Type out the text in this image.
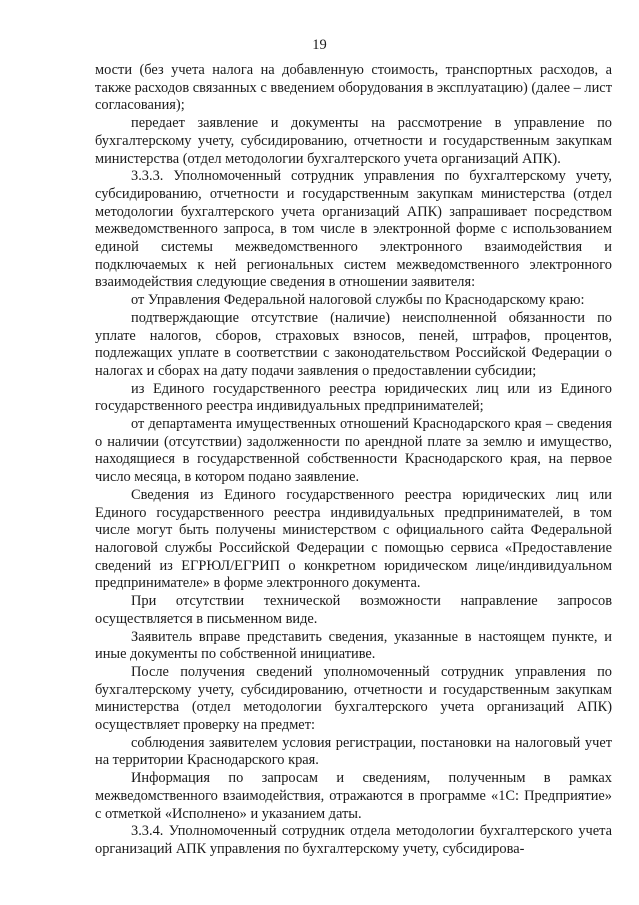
19

мости (без учета налога на добавленную стоимость, транспортных расходов, а также расходов связанных с введением оборудования в эксплуатацию) (далее – лист согласования);

передает заявление и документы на рассмотрение в управление по бухгалтерскому учету, субсидированию, отчетности и государственным закупкам министерства (отдел методологии бухгалтерского учета организаций АПК).

3.3.3. Уполномоченный сотрудник управления по бухгалтерскому учету, субсидированию, отчетности и государственным закупкам министерства (отдел методологии бухгалтерского учета организаций АПК) запрашивает посредством межведомственного запроса, в том числе в электронной форме с использованием единой системы межведомственного электронного взаимодействия и подключаемых к ней региональных систем межведомственного электронного взаимодействия следующие сведения в отношении заявителя:

от Управления Федеральной налоговой службы по Краснодарскому краю:

подтверждающие отсутствие (наличие) неисполненной обязанности по уплате налогов, сборов, страховых взносов, пеней, штрафов, процентов, подлежащих уплате в соответствии с законодательством Российской Федерации о налогах и сборах на дату подачи заявления о предоставлении субсидии;

из Единого государственного реестра юридических лиц или из Единого государственного реестра индивидуальных предпринимателей;

от департамента имущественных отношений Краснодарского края – сведения о наличии (отсутствии) задолженности по арендной плате за землю и имущество, находящиеся в государственной собственности Краснодарского края, на первое число месяца, в котором подано заявление.

Сведения из Единого государственного реестра юридических лиц или Единого государственного реестра индивидуальных предпринимателей, в том числе могут быть получены министерством с официального сайта Федеральной налоговой службы Российской Федерации с помощью сервиса «Предоставление сведений из ЕГРЮЛ/ЕГРИП о конкретном юридическом лице/индивидуальном предпринимателе» в форме электронного документа.

При отсутствии технической возможности направление запросов осуществляется в письменном виде.

Заявитель вправе представить сведения, указанные в настоящем пункте, и иные документы по собственной инициативе.

После получения сведений уполномоченный сотрудник управления по бухгалтерскому учету, субсидированию, отчетности и государственным закупкам министерства (отдел методологии бухгалтерского учета организаций АПК) осуществляет проверку на предмет:

соблюдения заявителем условия регистрации, постановки на налоговый учет на территории Краснодарского края.

Информация по запросам и сведениям, полученным в рамках межведомственного взаимодействия, отражаются в программе «1С: Предприятие» с отметкой «Исполнено» и указанием даты.

3.3.4. Уполномоченный сотрудник отдела методологии бухгалтерского учета организаций АПК управления по бухгалтерскому учету, субсидирова-
